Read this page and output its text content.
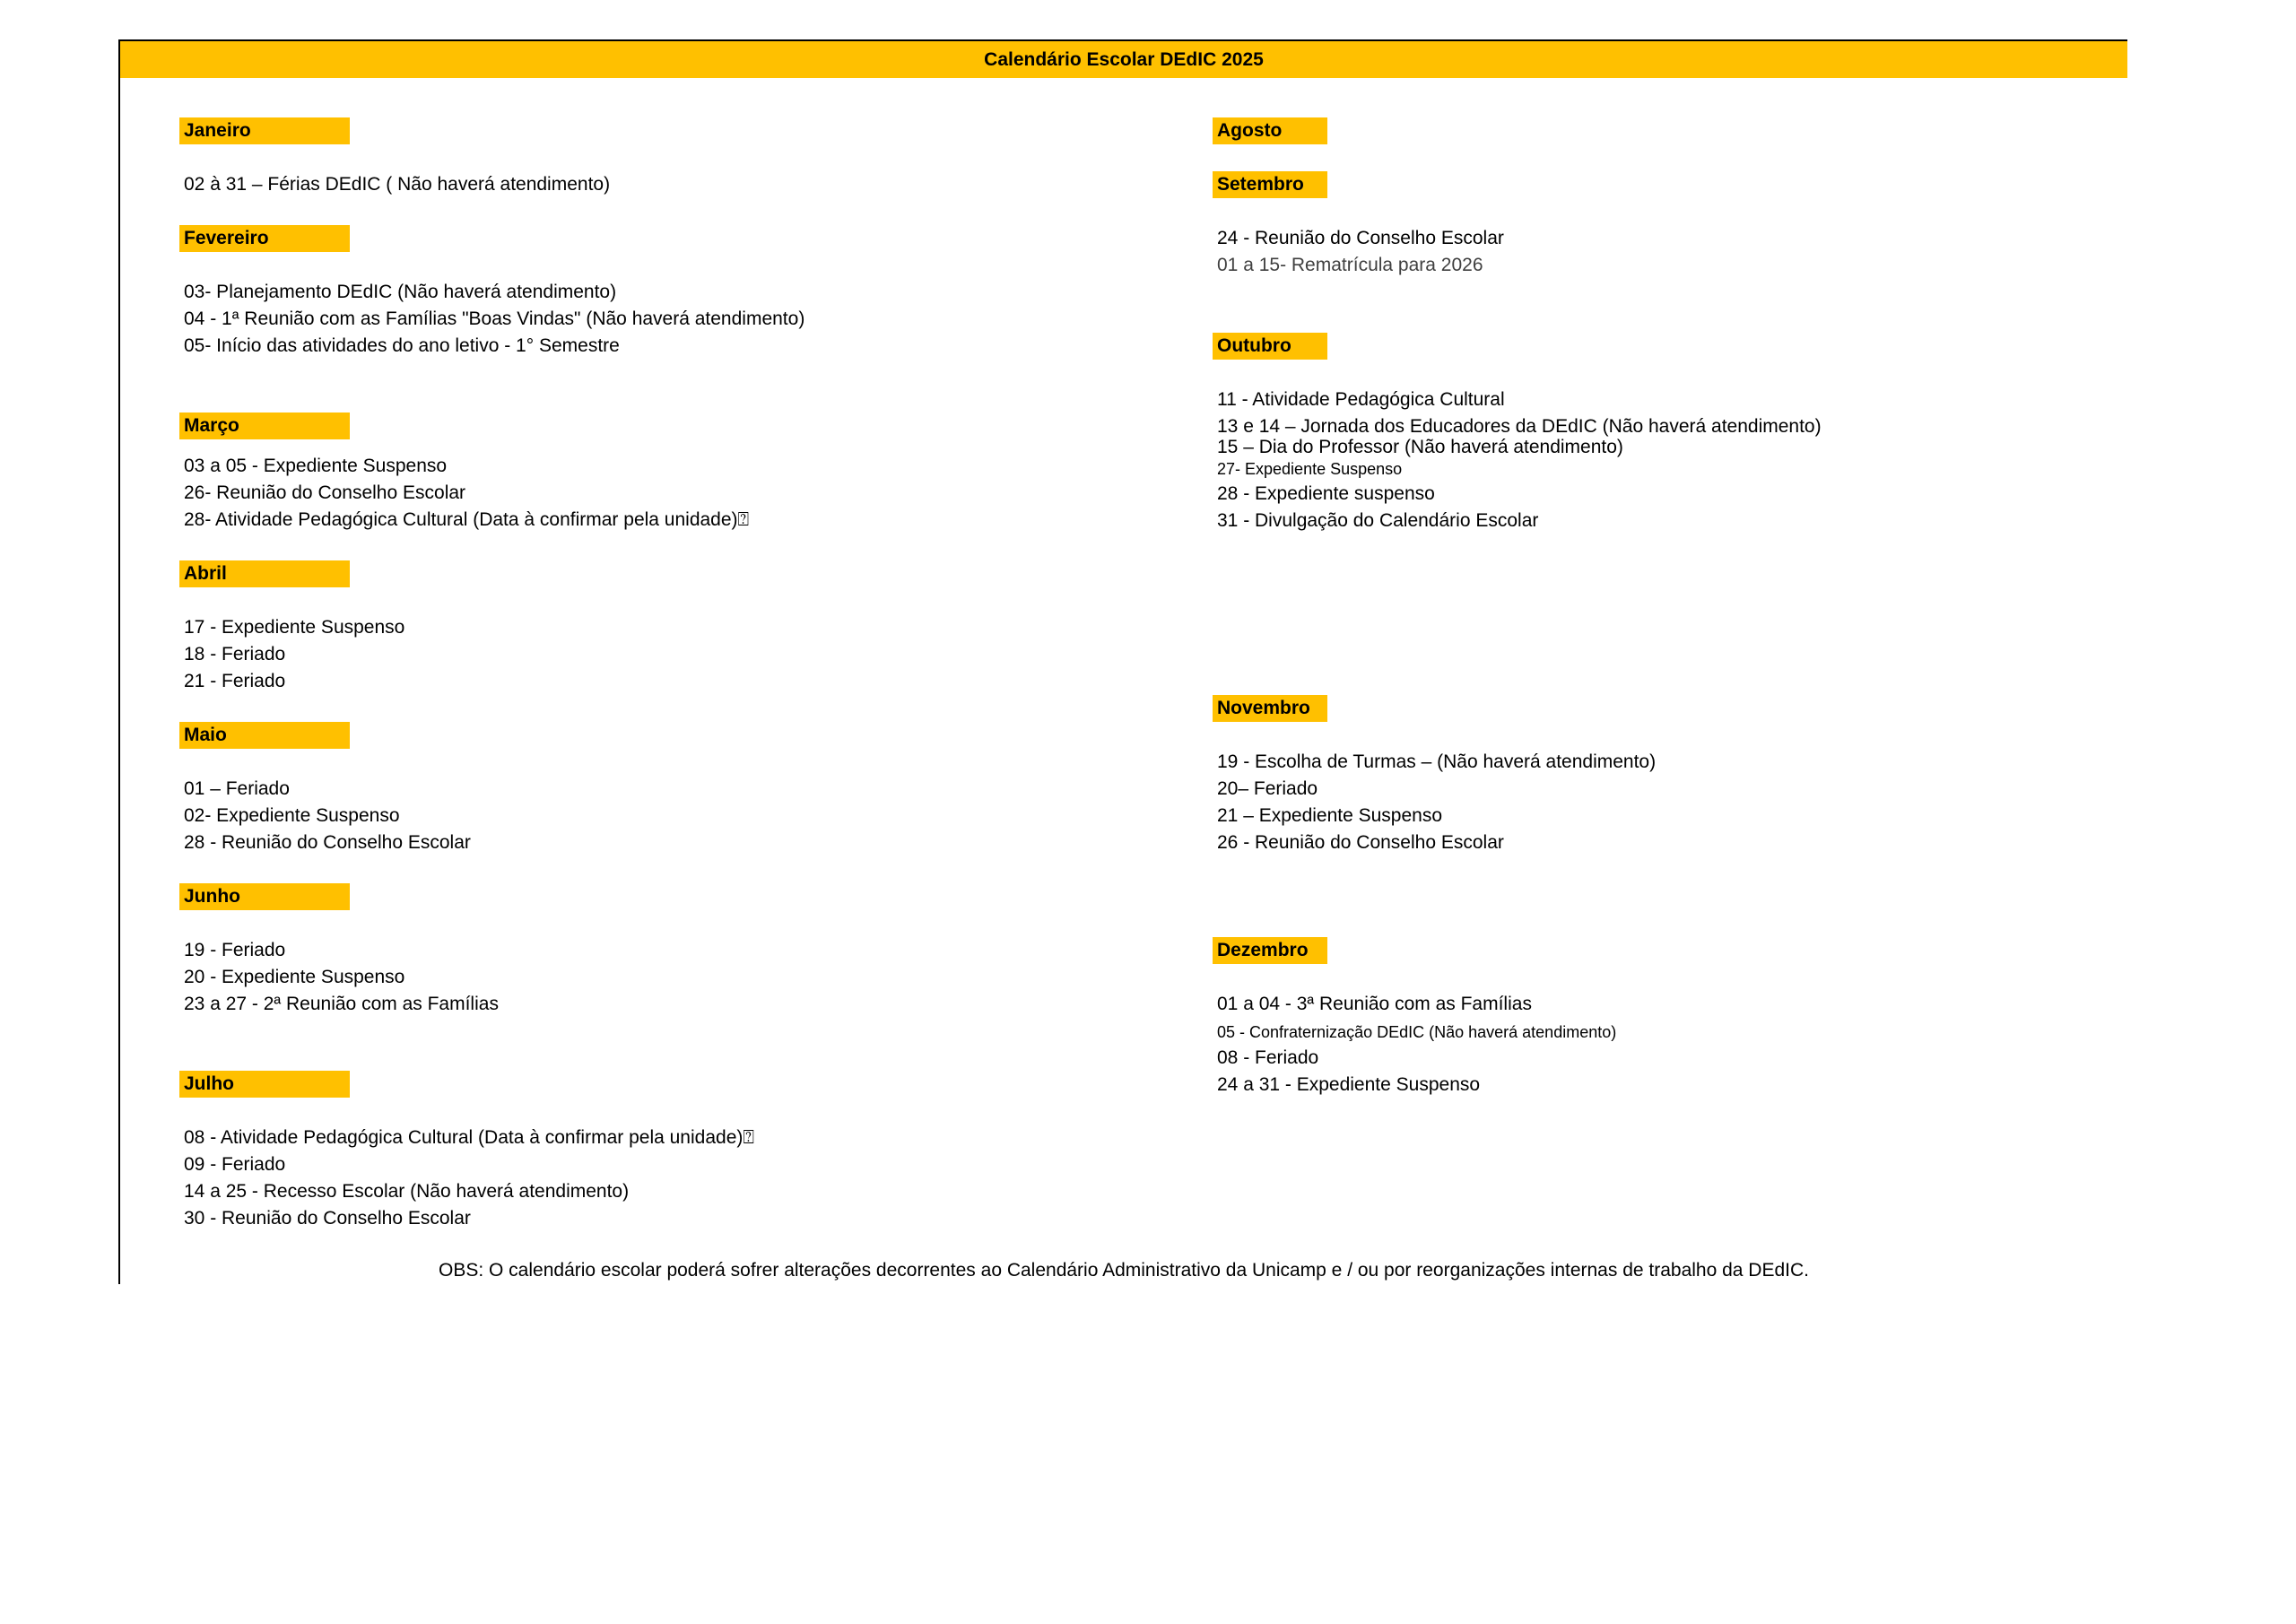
Calendário Escolar DEdIC 2025
Janeiro
02 à 31 – Férias DEdIC ( Não haverá atendimento)
Fevereiro
03- Planejamento DEdIC (Não haverá atendimento)
04 - 1ª Reunião com as Famílias "Boas Vindas" (Não haverá atendimento)
05- Início das atividades do ano letivo - 1° Semestre
Março
03 a 05 - Expediente Suspenso
26- Reunião do Conselho Escolar
28- Atividade Pedagógica Cultural (Data à confirmar pela unidade)⍰
Abril
17 - Expediente Suspenso
18 - Feriado
21 - Feriado
Maio
01 – Feriado
02- Expediente Suspenso
28 - Reunião do Conselho Escolar
Junho
19 - Feriado
20 - Expediente Suspenso
23 a 27 - 2ª Reunião com as Famílias
Julho
08 - Atividade Pedagógica Cultural (Data à confirmar pela unidade)⍰
09 - Feriado
14 a 25 - Recesso Escolar (Não haverá atendimento)
30 - Reunião do Conselho Escolar
Agosto
Setembro
24 - Reunião do Conselho Escolar
01 a 15- Rematrícula para 2026
Outubro
11 - Atividade Pedagógica Cultural
13 e 14 – Jornada dos Educadores da DEdIC (Não haverá atendimento)
15 – Dia do Professor (Não haverá atendimento)
27- Expediente Suspenso
28 - Expediente suspenso
31 - Divulgação do Calendário Escolar
Novembro
19 - Escolha de Turmas – (Não haverá atendimento)
20– Feriado
21 – Expediente Suspenso
26 - Reunião do Conselho Escolar
Dezembro
01 a 04 - 3ª Reunião com as Famílias
05 - Confraternização DEdIC (Não haverá atendimento)
08 - Feriado
24 a 31 - Expediente Suspenso
OBS: O calendário escolar poderá sofrer alterações decorrentes ao Calendário Administrativo da Unicamp e / ou por reorganizações internas de trabalho da DEdIC.
